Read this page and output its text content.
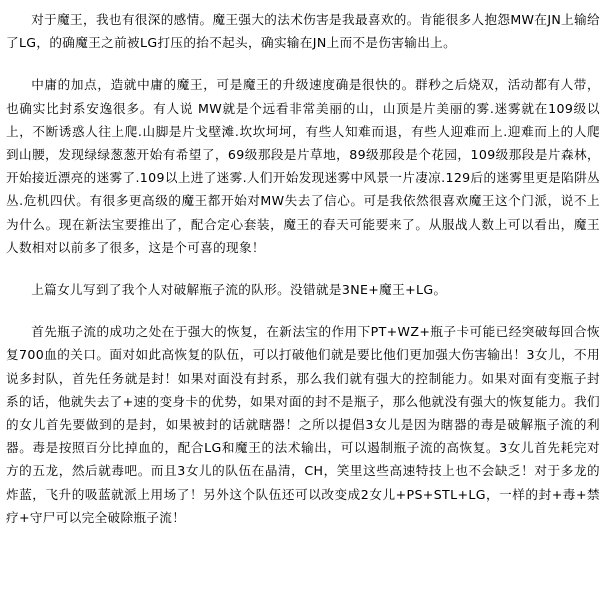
对于魔王，我也有很深的感情。魔王强大的法术伤害是我最喜欢的。肯能很多人抱怨MW在JN上输给了LG，的确魔王之前被LG打压的抬不起头，确实输在JN上而不是伤害输出上。

中庸的加点，造就中庸的魔王，可是魔王的升级速度确是很快的。群秒之后烧双，活动都有人带，也确实比封系安逸很多。有人说 MW就是个远看非常美丽的山，山顶是片美丽的雾.迷雾就在109级以上，不断诱惑人往上爬.山脚是片戈壁滩.坎坎坷坷，有些人知难而退，有些人迎难而上.迎难而上的人爬到山腰，发现绿绿葱葱开始有希望了，69级那段是片草地，89级那段是个花园，109级那段是片森林，开始接近漂亮的迷雾了.109以上进了迷雾.人们开始发现迷雾中风景一片凄凉.129后的迷雾里更是陷阱丛丛.危机四伏。有很多更高级的魔王都开始对MW失去了信心。可是我依然很喜欢魔王这个门派，说不上为什么。现在新法宝要推出了，配合定心套装，魔王的春天可能要来了。从服战人数上可以看出，魔王人数相对以前多了很多，这是个可喜的现象！

上篇女儿写到了我个人对破解瓶子流的队形。没错就是3NE+魔王+LG。

首先瓶子流的成功之处在于强大的恢复，在新法宝的作用下PT+WZ+瓶子卡可能已经突破每回合恢复700血的关口。面对如此高恢复的队伍，可以打破他们就是要比他们更加强大伤害输出！3女儿，不用说多封队，首先任务就是封！如果对面没有封系，那么我们就有强大的控制能力。如果对面有变瓶子封系的话，他就失去了+速的变身卡的优势，如果对面的封不是瓶子，那么他就没有强大的恢复能力。我们的女儿首先要做到的是封，如果被封的话就瞎器！之所以提倡3女儿是因为瞎器的毒是破解瓶子流的利器。毒是按照百分比掉血的，配合LG和魔王的法术输出，可以遏制瓶子流的高恢复。3女儿首先耗完对方的五龙，然后就毒吧。而且3女儿的队伍在晶清，CH，笑里这些高速特技上也不会缺乏！对于多龙的炸蓝，飞升的吸蓝就派上用场了！另外这个队伍还可以改变成2女儿+PS+STL+LG，一样的封+毒+禁疗+守尸可以完全破除瓶子流！
